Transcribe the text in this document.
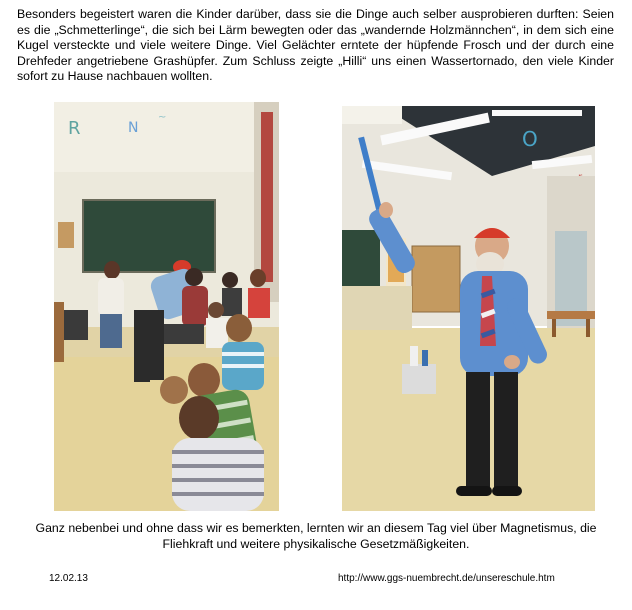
Besonders begeistert waren die Kinder darüber, dass sie die Dinge auch selber ausprobieren durften: Seien es die „Schmetterlinge“, die sich bei Lärm bewegten oder das „wandernde Holzmännchen“, in dem sich eine Kugel versteckte und viele weitere Dinge. Viel Gelächter erntete der hüpfende Frosch und der durch eine Drehfeder angetriebene Grashüpfer. Zum Schluss zeigte „Hilli“ uns einen Wassertornado, den viele Kinder sofort zu Hause nachbauen wollten.

R	N
~
O

Ganz nebenbei und ohne dass wir es bemerkten, lernten wir an diesem Tag viel über Magnetismus, die Fliehkraft und weitere physikalische Gesetzmäßigkeiten.

12.02.13	http://www.ggs-nuembrecht.de/unsereschule.htm
